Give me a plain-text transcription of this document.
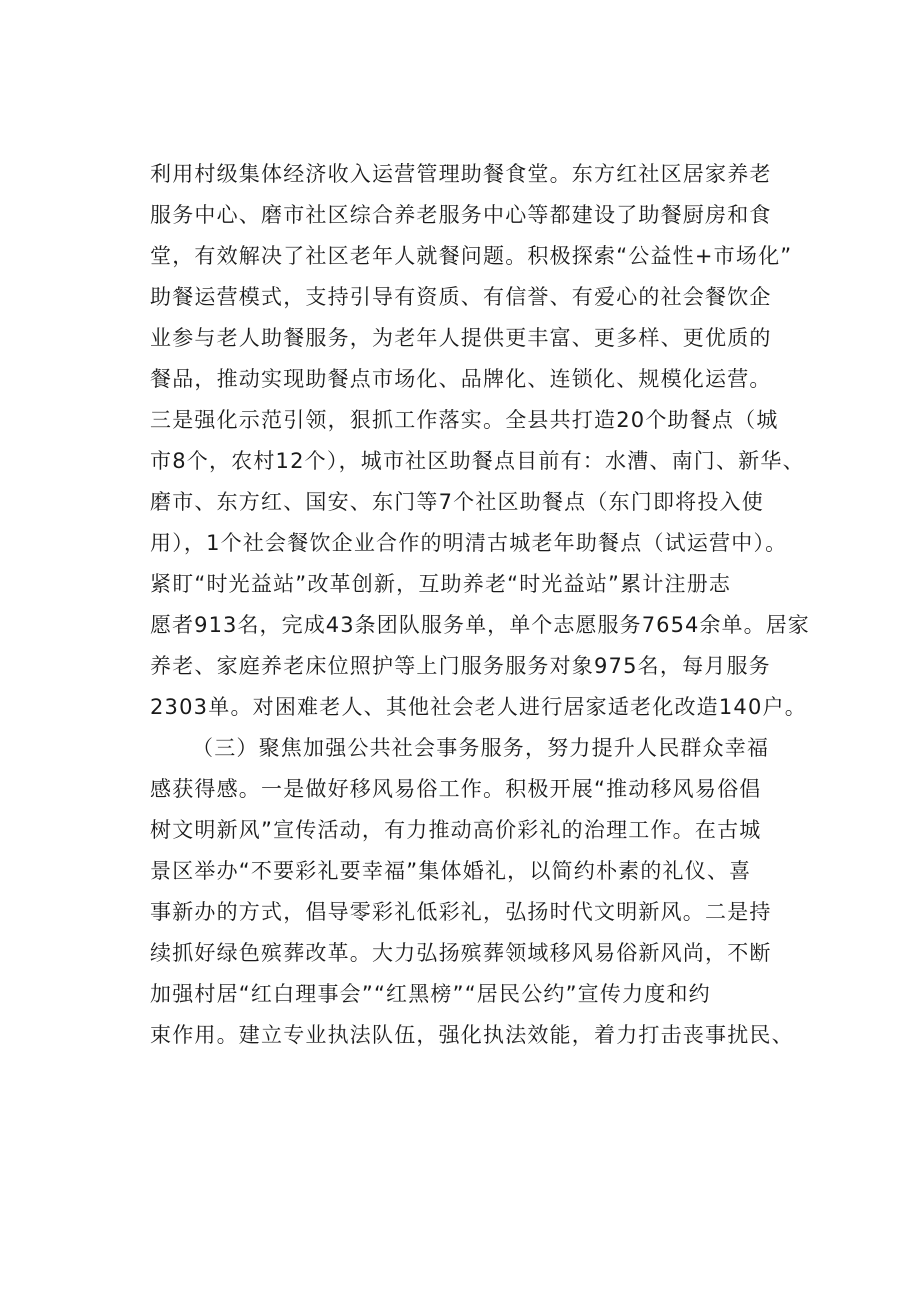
利用村级集体经济收入运营管理助餐食堂。东方红社区居家养老
服务中心、磨市社区综合养老服务中心等都建设了助餐厨房和食
堂，有效解决了社区老年人就餐问题。积极探索“公益性+市场化”
助餐运营模式，支持引导有资质、有信誉、有爱心的社会餐饮企
业参与老人助餐服务，为老年人提供更丰富、更多样、更优质的
餐品，推动实现助餐点市场化、品牌化、连锁化、规模化运营。
三是强化示范引领，狠抓工作落实。全县共打造20个助餐点（城
市8个，农村12个），城市社区助餐点目前有：水漕、南门、新华、
磨市、东方红、国安、东门等7个社区助餐点（东门即将投入使
用），1个社会餐饮企业合作的明清古城老年助餐点（试运营中）。
紧盯“时光益站”改革创新，互助养老“时光益站”累计注册志
愿者913名，完成43条团队服务单，单个志愿服务7654余单。居家
养老、家庭养老床位照护等上门服务服务对象975名，每月服务
2303单。对困难老人、其他社会老人进行居家适老化改造140户。

（三）聚焦加强公共社会事务服务，努力提升人民群众幸福
感获得感。一是做好移风易俗工作。积极开展“推动移风易俗倡
树文明新风”宣传活动，有力推动高价彩礼的治理工作。在古城
景区举办“不要彩礼要幸福”集体婚礼，以简约朴素的礼仪、喜
事新办的方式，倡导零彩礼低彩礼，弘扬时代文明新风。二是持
续抓好绿色殡葬改革。大力弘扬殡葬领域移风易俗新风尚，不断
加强村居“红白理事会”“红黑榜”“居民公约”宣传力度和约
束作用。建立专业执法队伍，强化执法效能，着力打击丧事扰民、
